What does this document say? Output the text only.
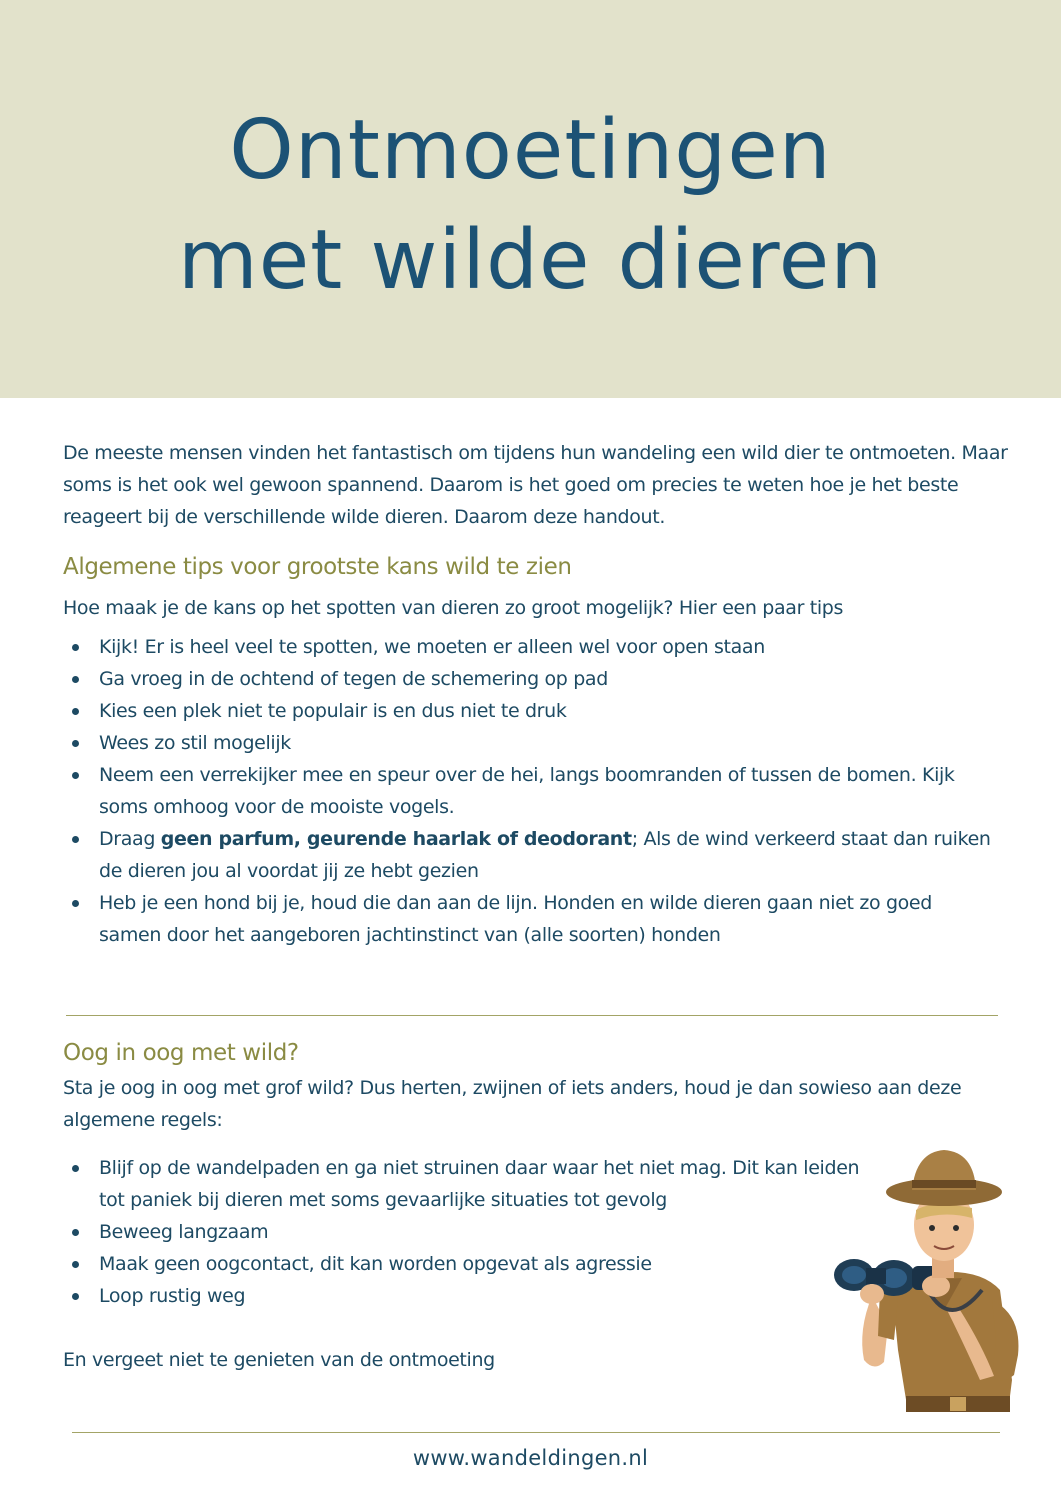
Ontmoetingen
met wilde dieren

De meeste mensen vinden het fantastisch om tijdens hun wandeling een wild dier te ontmoeten. Maar soms is het ook wel gewoon spannend. Daarom is het goed om precies te weten hoe je het beste reageert bij de verschillende wilde dieren. Daarom deze handout.

Algemene tips voor grootste kans wild te zien

Hoe maak je de kans op het spotten van dieren zo groot mogelijk? Hier een paar tips

Kijk! Er is heel veel te spotten, we moeten er alleen wel voor open staan
Ga vroeg in de ochtend of tegen de schemering op pad
Kies een plek niet te populair is en dus niet te druk
Wees zo stil mogelijk
Neem een verrekijker mee en speur over de hei, langs boomranden of tussen de bomen. Kijk soms omhoog voor de mooiste vogels.
Draag geen parfum, geurende haarlak of deodorant; Als de wind verkeerd staat dan ruiken de dieren jou al voordat jij ze hebt gezien
Heb je een hond bij je, houd die dan aan de lijn. Honden en wilde dieren gaan niet zo goed samen door het aangeboren jachtinstinct van (alle soorten) honden
Oog in oog met wild?

Sta je oog in oog met grof wild? Dus herten, zwijnen of iets anders, houd je dan sowieso aan deze algemene regels:

Blijf op de wandelpaden en ga niet struinen daar waar het niet mag. Dit kan leiden tot paniek bij dieren met soms gevaarlijke situaties tot gevolg
Beweeg langzaam
Maak geen oogcontact, dit kan worden opgevat als agressie
Loop rustig weg

En vergeet niet te genieten van de ontmoeting

www.wandeldingen.nl
